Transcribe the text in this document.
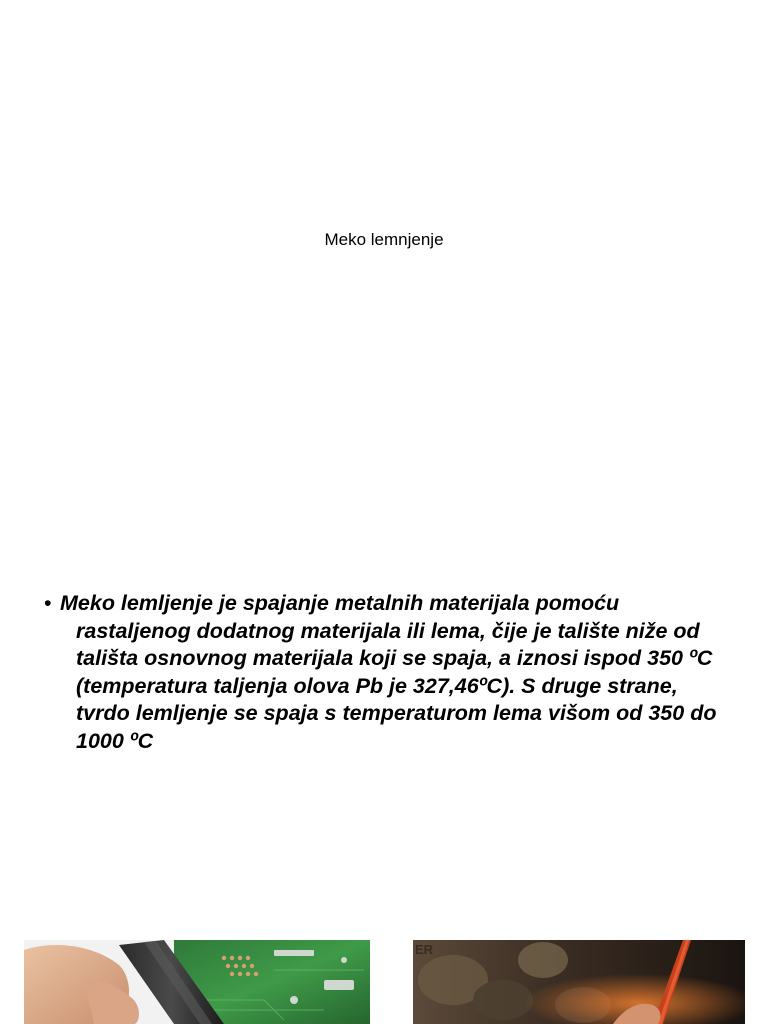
Meko lemnjenje
• Meko lemljenje je spajanje metalnih materijala pomoću rastaljenog dodatnog materijala ili lema, čije je talište niže od tališta osnovnog materijala koji se spaja, a iznosi ispod 350 ºC (temperatura taljenja olova Pb je 327,46ºC). S druge strane, tvrdo lemljenje se spaja s temperaturom lema višom od 350 do 1000 ºC
ER
